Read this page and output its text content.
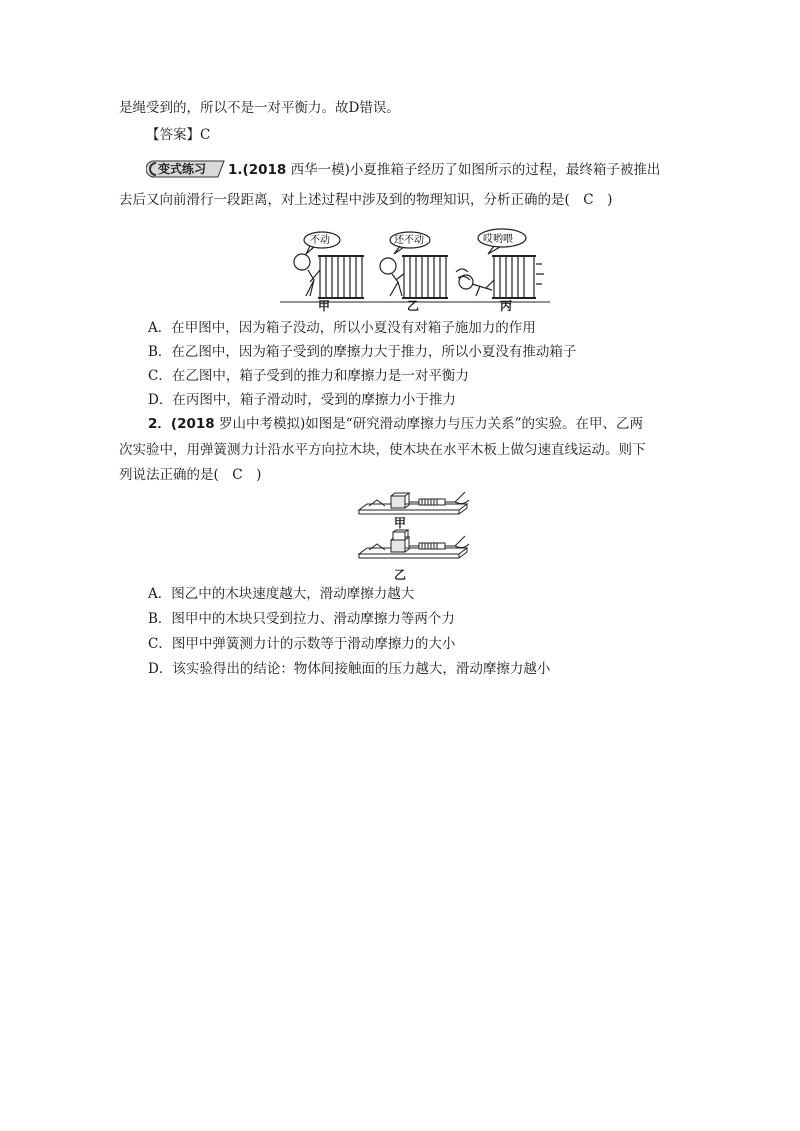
是绳受到的，所以不是一对平衡力。故D错误。
【答案】C
变式练习 1.(2018 西华一模)小夏推箱子经历了如图所示的过程，最终箱子被推出
去后又向前滑行一段距离，对上述过程中涉及到的物理知识，分析正确的是(　C　)
不动	还不动	哎哟喂
甲	乙	丙
A．在甲图中，因为箱子没动，所以小夏没有对箱子施加力的作用
B．在乙图中，因为箱子受到的摩擦力大于推力，所以小夏没有推动箱子
C．在乙图中，箱子受到的推力和摩擦力是一对平衡力
D．在丙图中，箱子滑动时，受到的摩擦力小于推力
2．(2018 罗山中考模拟)如图是“研究滑动摩擦力与压力关系”的实验。在甲、乙两
次实验中，用弹簧测力计沿水平方向拉木块，使木块在水平木板上做匀速直线运动。则下
列说法正确的是(　C　)
甲
乙
A．图乙中的木块速度越大，滑动摩擦力越大
B．图甲中的木块只受到拉力、滑动摩擦力等两个力
C．图甲中弹簧测力计的示数等于滑动摩擦力的大小
D．该实验得出的结论：物体间接触面的压力越大，滑动摩擦力越小
